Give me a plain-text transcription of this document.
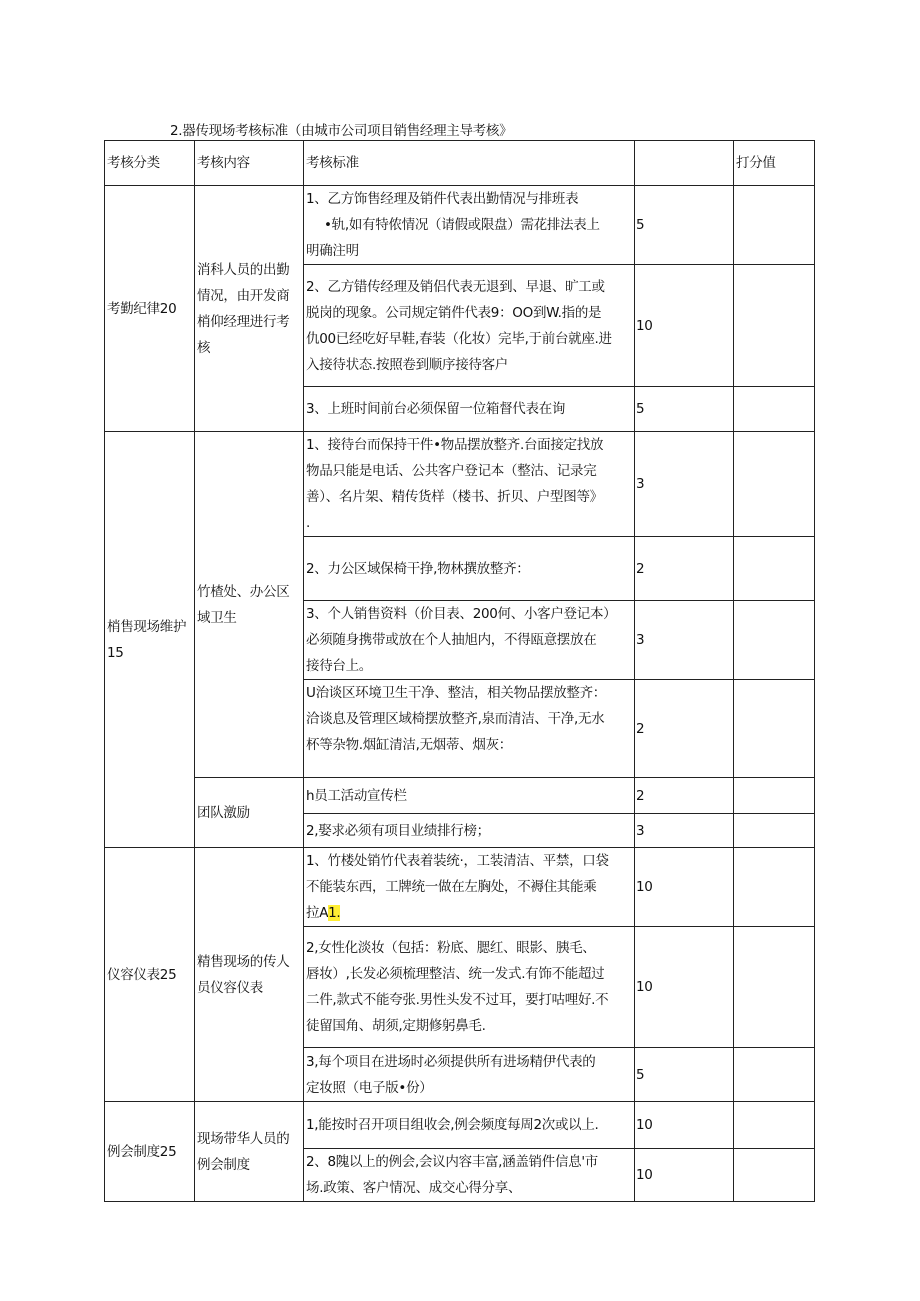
2.器传现场考核标准（由城市公司项目销售经理主导考核》
考核分类	考核内容	考核标准		打分值
考勤纪律20	消科人员的出勤情况，由开发商梢仰经理进行考核	1、乙方饰售经理及销件代表出勤情况与排班表
•轨,如有特侬情况（请假或限盘）需花排法表上
明确注明	5	

		2、乙方错传经理及销侣代表无退到、早退、旷工或
脱岗的现象。公司规定销件代表9：OO到W.指的是
仇00已经吃好早鞋,春装（化妆）完毕,于前台就座.进
入接待状态.按照卷到顺序接待客户	10	

		3、上班时间前台必须保留一位箱督代表在询	5	
梢售现场维护15	竹楂处、办公区域卫生	1、接待台而保持干件•物品摆放整齐.台面接定找放
物品只能是电话、公共客户登记本（整沽、记录完
善）、名片架、精传货样（楼书、折贝、户型图等》
.	3	

		2、力公区域保椅干挣,物林撰放整齐：	2	

		3、个人销售资料（价目表、200何、小客户登记本）
必须随身携带或放在个人抽旭内，不得瓯意摆放在
接待台上。	3	

		U治谈区环境卫生干净、整洁，相关物品摆放整齐：
洽谈息及管理区域椅摆放整齐,泉而清洁、干净,无水
杯等杂物.烟缸清洁,无烟蒂、烟灰：	2	
	团队激励	h员工活动宣传栏	2	

		2,娶求必须有项目业绩排行榜；	3	
仪容仪表25	精售现场的传人员仪容仪表	1、竹楼处销竹代表着装统·，工装清洁、平禁，口袋
不能装东西，工牌统一做在左胸处，不褥住其能乘
拉A1.	10	

		2,女性化淡妆（包括：粉底、腮红、眼影、胰毛、
唇妆）,长发必须梳理整洁、统一发式.有饰不能超过
二件,款式不能夸张.男性头发不过耳，要打咕哩好.不
徒留国角、胡须,定期修躬鼻毛.	10	

		3,每个项目在进场时必须提供所有进场精伊代表的
定妆照（电子版•份）	5	
例会制度25	现场带华人员的例会制度	1,能按时召开项目组收会,例会频度每周2次或以上.	10	

		2、8隗以上的例会,会议内容丰富,涵盖销件信息'市
场.政策、客户情况、成交心得分享、	10	
